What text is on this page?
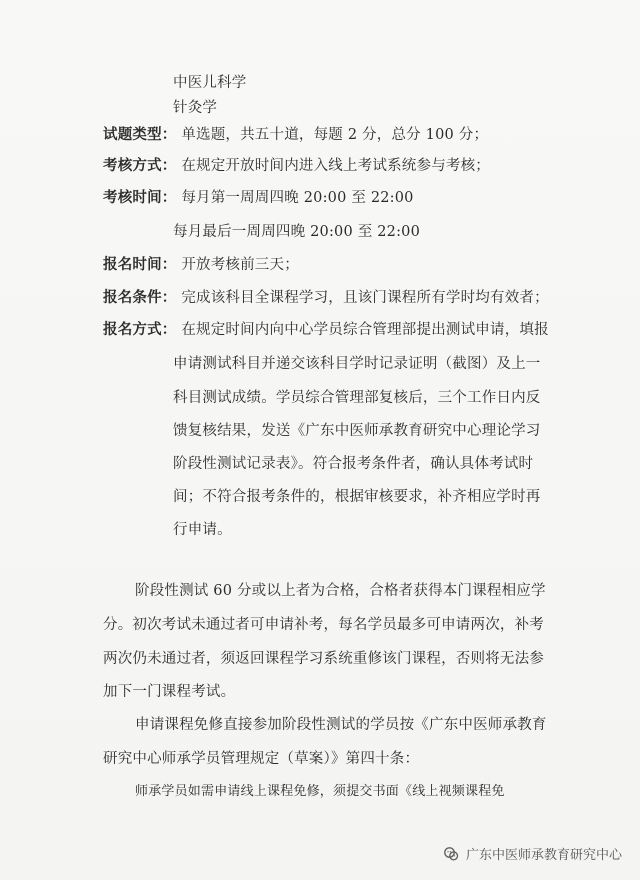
中医儿科学
针灸学
试题类型： 单选题，共五十道，每题 2 分，总分 100 分；
考核方式： 在规定开放时间内进入线上考试系统参与考核；
考核时间： 每月第一周周四晚 20:00 至 22:00
每月最后一周周四晚 20:00 至 22:00
报名时间： 开放考核前三天；
报名条件： 完成该科目全课程学习，且该门课程所有学时均有效者；
报名方式： 在规定时间内向中心学员综合管理部提出测试申请，填报
申请测试科目并递交该科目学时记录证明（截图）及上一
科目测试成绩。学员综合管理部复核后，三个工作日内反
馈复核结果，发送《广东中医师承教育研究中心理论学习
阶段性测试记录表》。符合报考条件者，确认具体考试时
间；不符合报考条件的，根据审核要求，补齐相应学时再
行申请。
阶段性测试 60 分或以上者为合格，合格者获得本门课程相应学
分。初次考试未通过者可申请补考，每名学员最多可申请两次，补考
两次仍未通过者，须返回课程学习系统重修该门课程，否则将无法参
加下一门课程考试。
申请课程免修直接参加阶段性测试的学员按《广东中医师承教育
研究中心师承学员管理规定（草案）》第四十条：
师承学员如需申请线上课程免修，须提交书面《线上视频课程免
广东中医师承教育研究中心
